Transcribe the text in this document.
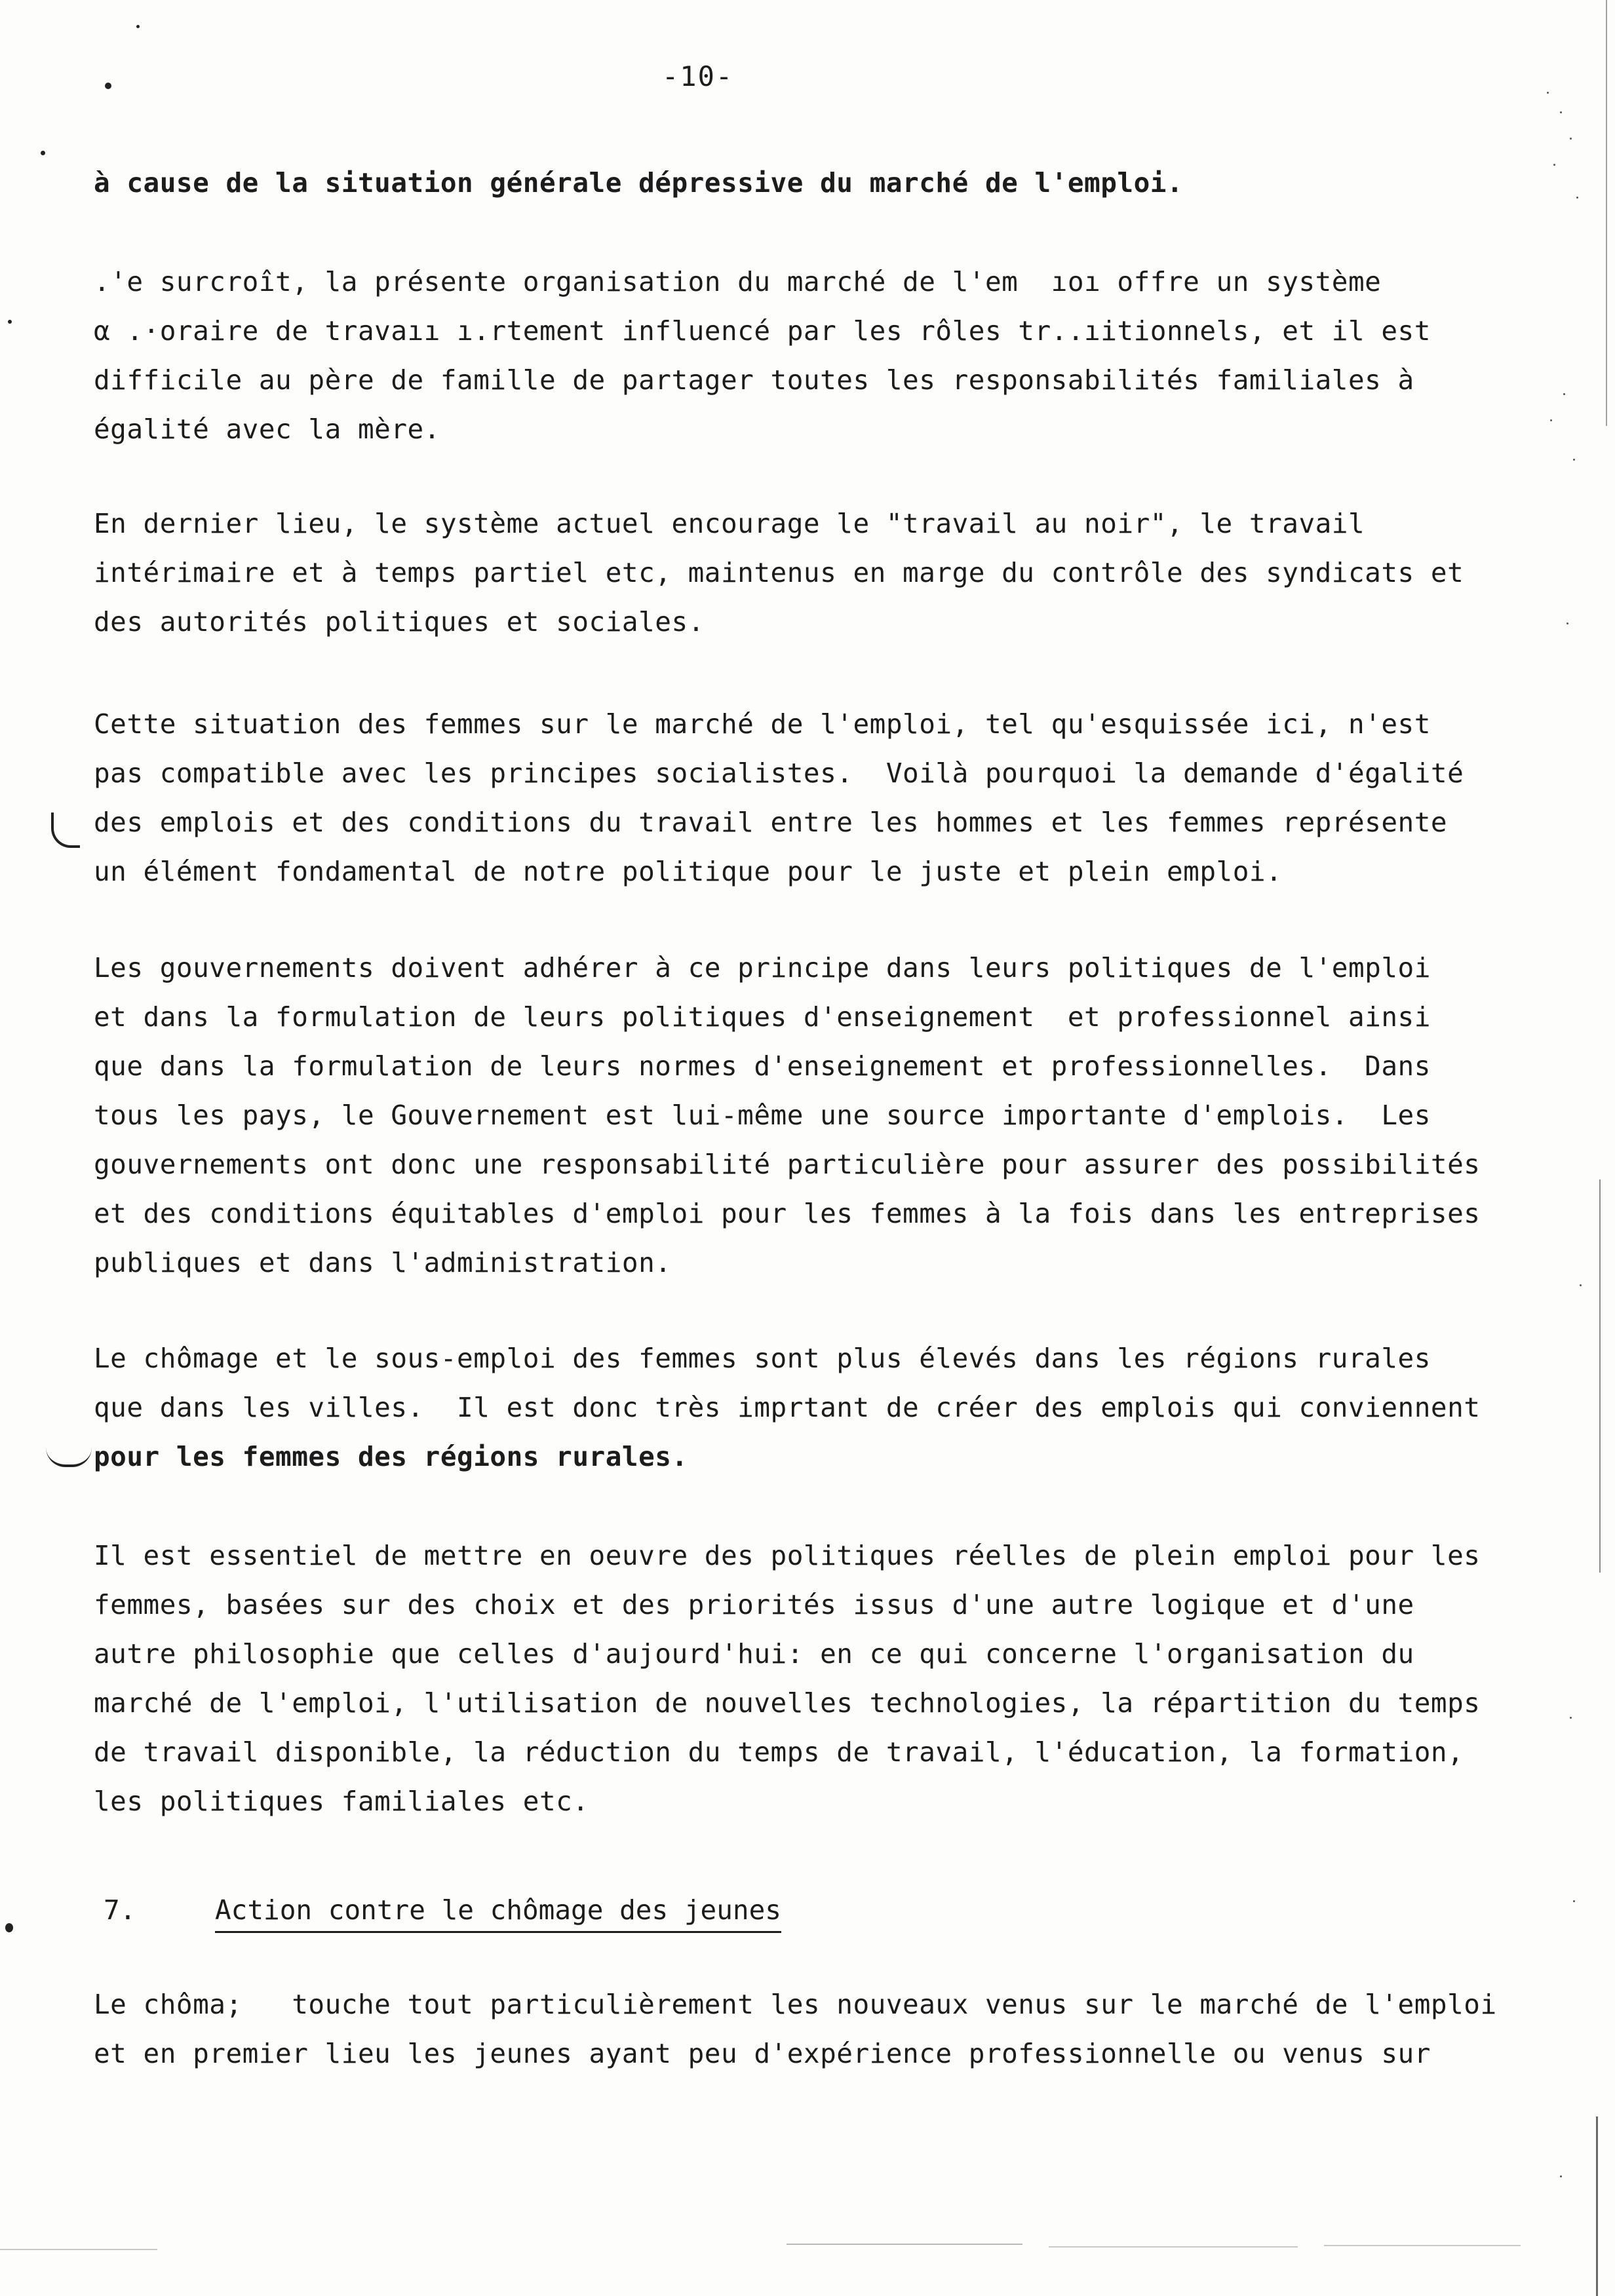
-10-

à cause de la situation générale dépressive du marché de l'emploi.

.'e surcroît, la présente organisation du marché de l'em  ıoı offre un système

α .·oraire de travaıı ı.rtement influencé par les rôles tr..ıitionnels, et il est

difficile au père de famille de partager toutes les responsabilités familiales à

égalité avec la mère.

En dernier lieu, le système actuel encourage le "travail au noir", le travail

intérimaire et à temps partiel etc, maintenus en marge du contrôle des syndicats et

des autorités politiques et sociales.

Cette situation des femmes sur le marché de l'emploi, tel qu'esquissée ici, n'est

pas compatible avec les principes socialistes.  Voilà pourquoi la demande d'égalité

des emplois et des conditions du travail entre les hommes et les femmes représente

un élément fondamental de notre politique pour le juste et plein emploi.

Les gouvernements doivent adhérer à ce principe dans leurs politiques de l'emploi

et dans la formulation de leurs politiques d'enseignement  et professionnel ainsi

que dans la formulation de leurs normes d'enseignement et professionnelles.  Dans

tous les pays, le Gouvernement est lui-même une source importante d'emplois.  Les

gouvernements ont donc une responsabilité particulière pour assurer des possibilités

et des conditions équitables d'emploi pour les femmes à la fois dans les entreprises

publiques et dans l'administration.

Le chômage et le sous-emploi des femmes sont plus élevés dans les régions rurales

que dans les villes.  Il est donc très imprtant de créer des emplois qui conviennent

pour les femmes des régions rurales.

Il est essentiel de mettre en oeuvre des politiques réelles de plein emploi pour les

femmes, basées sur des choix et des priorités issus d'une autre logique et d'une

autre philosophie que celles d'aujourd'hui: en ce qui concerne l'organisation du

marché de l'emploi, l'utilisation de nouvelles technologies, la répartition du temps

de travail disponible, la réduction du temps de travail, l'éducation, la formation,

les politiques familiales etc.

7.	Action contre le chômage des jeunes

Le chôma;   touche tout particulièrement les nouveaux venus sur le marché de l'emploi

et en premier lieu les jeunes ayant peu d'expérience professionnelle ou venus sur
